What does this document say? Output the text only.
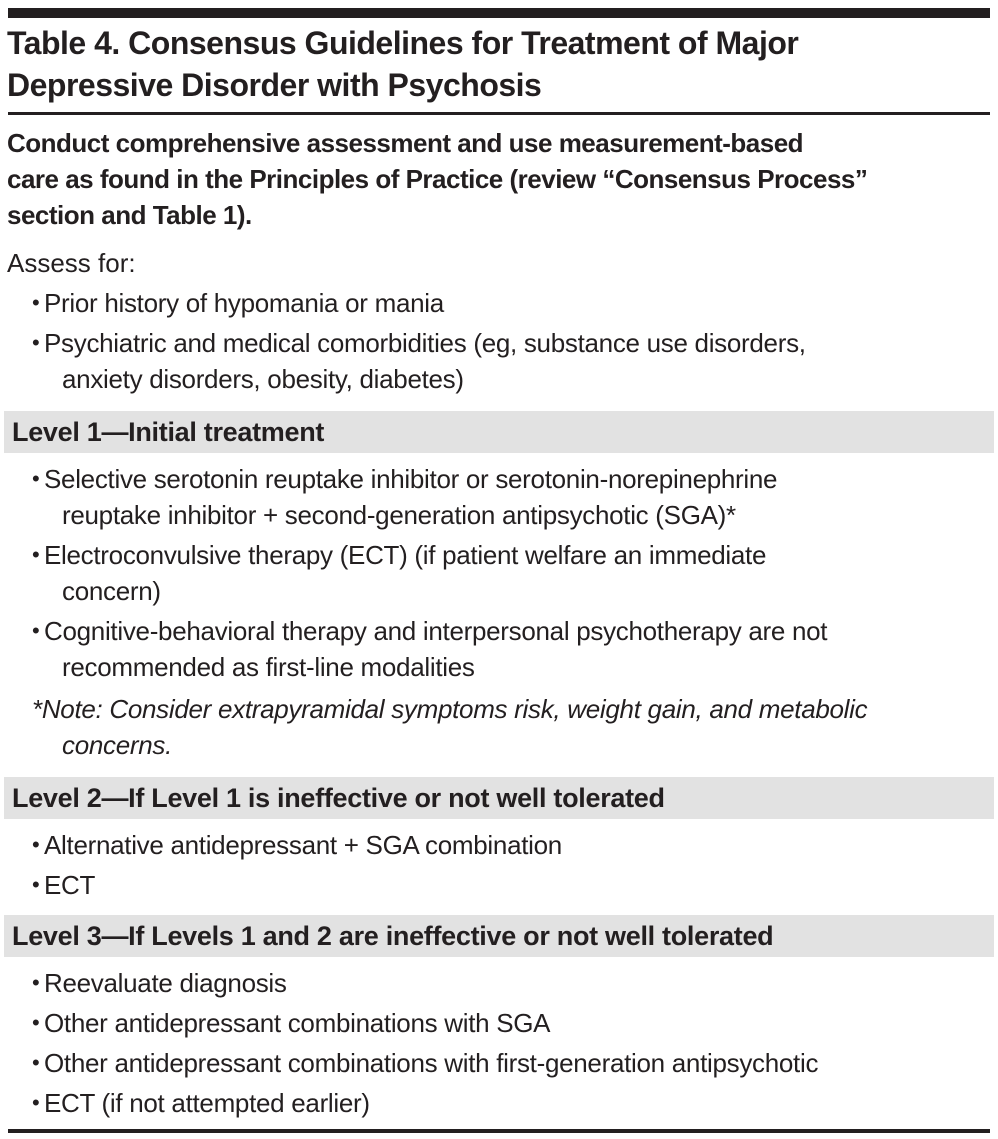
Table 4. Consensus Guidelines for Treatment of Major
Depressive Disorder with Psychosis
Conduct comprehensive assessment and use measurement-based
care as found in the Principles of Practice (review “Consensus Process”
section and Table 1).
Assess for:
• Prior history of hypomania or mania
• Psychiatric and medical comorbidities (eg, substance use disorders,
anxiety disorders, obesity, diabetes)
Level 1—Initial treatment
• Selective serotonin reuptake inhibitor or serotonin-norepinephrine
reuptake inhibitor + second-generation antipsychotic (SGA)*
• Electroconvulsive therapy (ECT) (if patient welfare an immediate
concern)
• Cognitive-behavioral therapy and interpersonal psychotherapy are not
recommended as first-line modalities
*Note: Consider extrapyramidal symptoms risk, weight gain, and metabolic
concerns.
Level 2—If Level 1 is ineffective or not well tolerated
• Alternative antidepressant + SGA combination
• ECT
Level 3—If Levels 1 and 2 are ineffective or not well tolerated
• Reevaluate diagnosis
• Other antidepressant combinations with SGA
• Other antidepressant combinations with first-generation antipsychotic
• ECT (if not attempted earlier)
